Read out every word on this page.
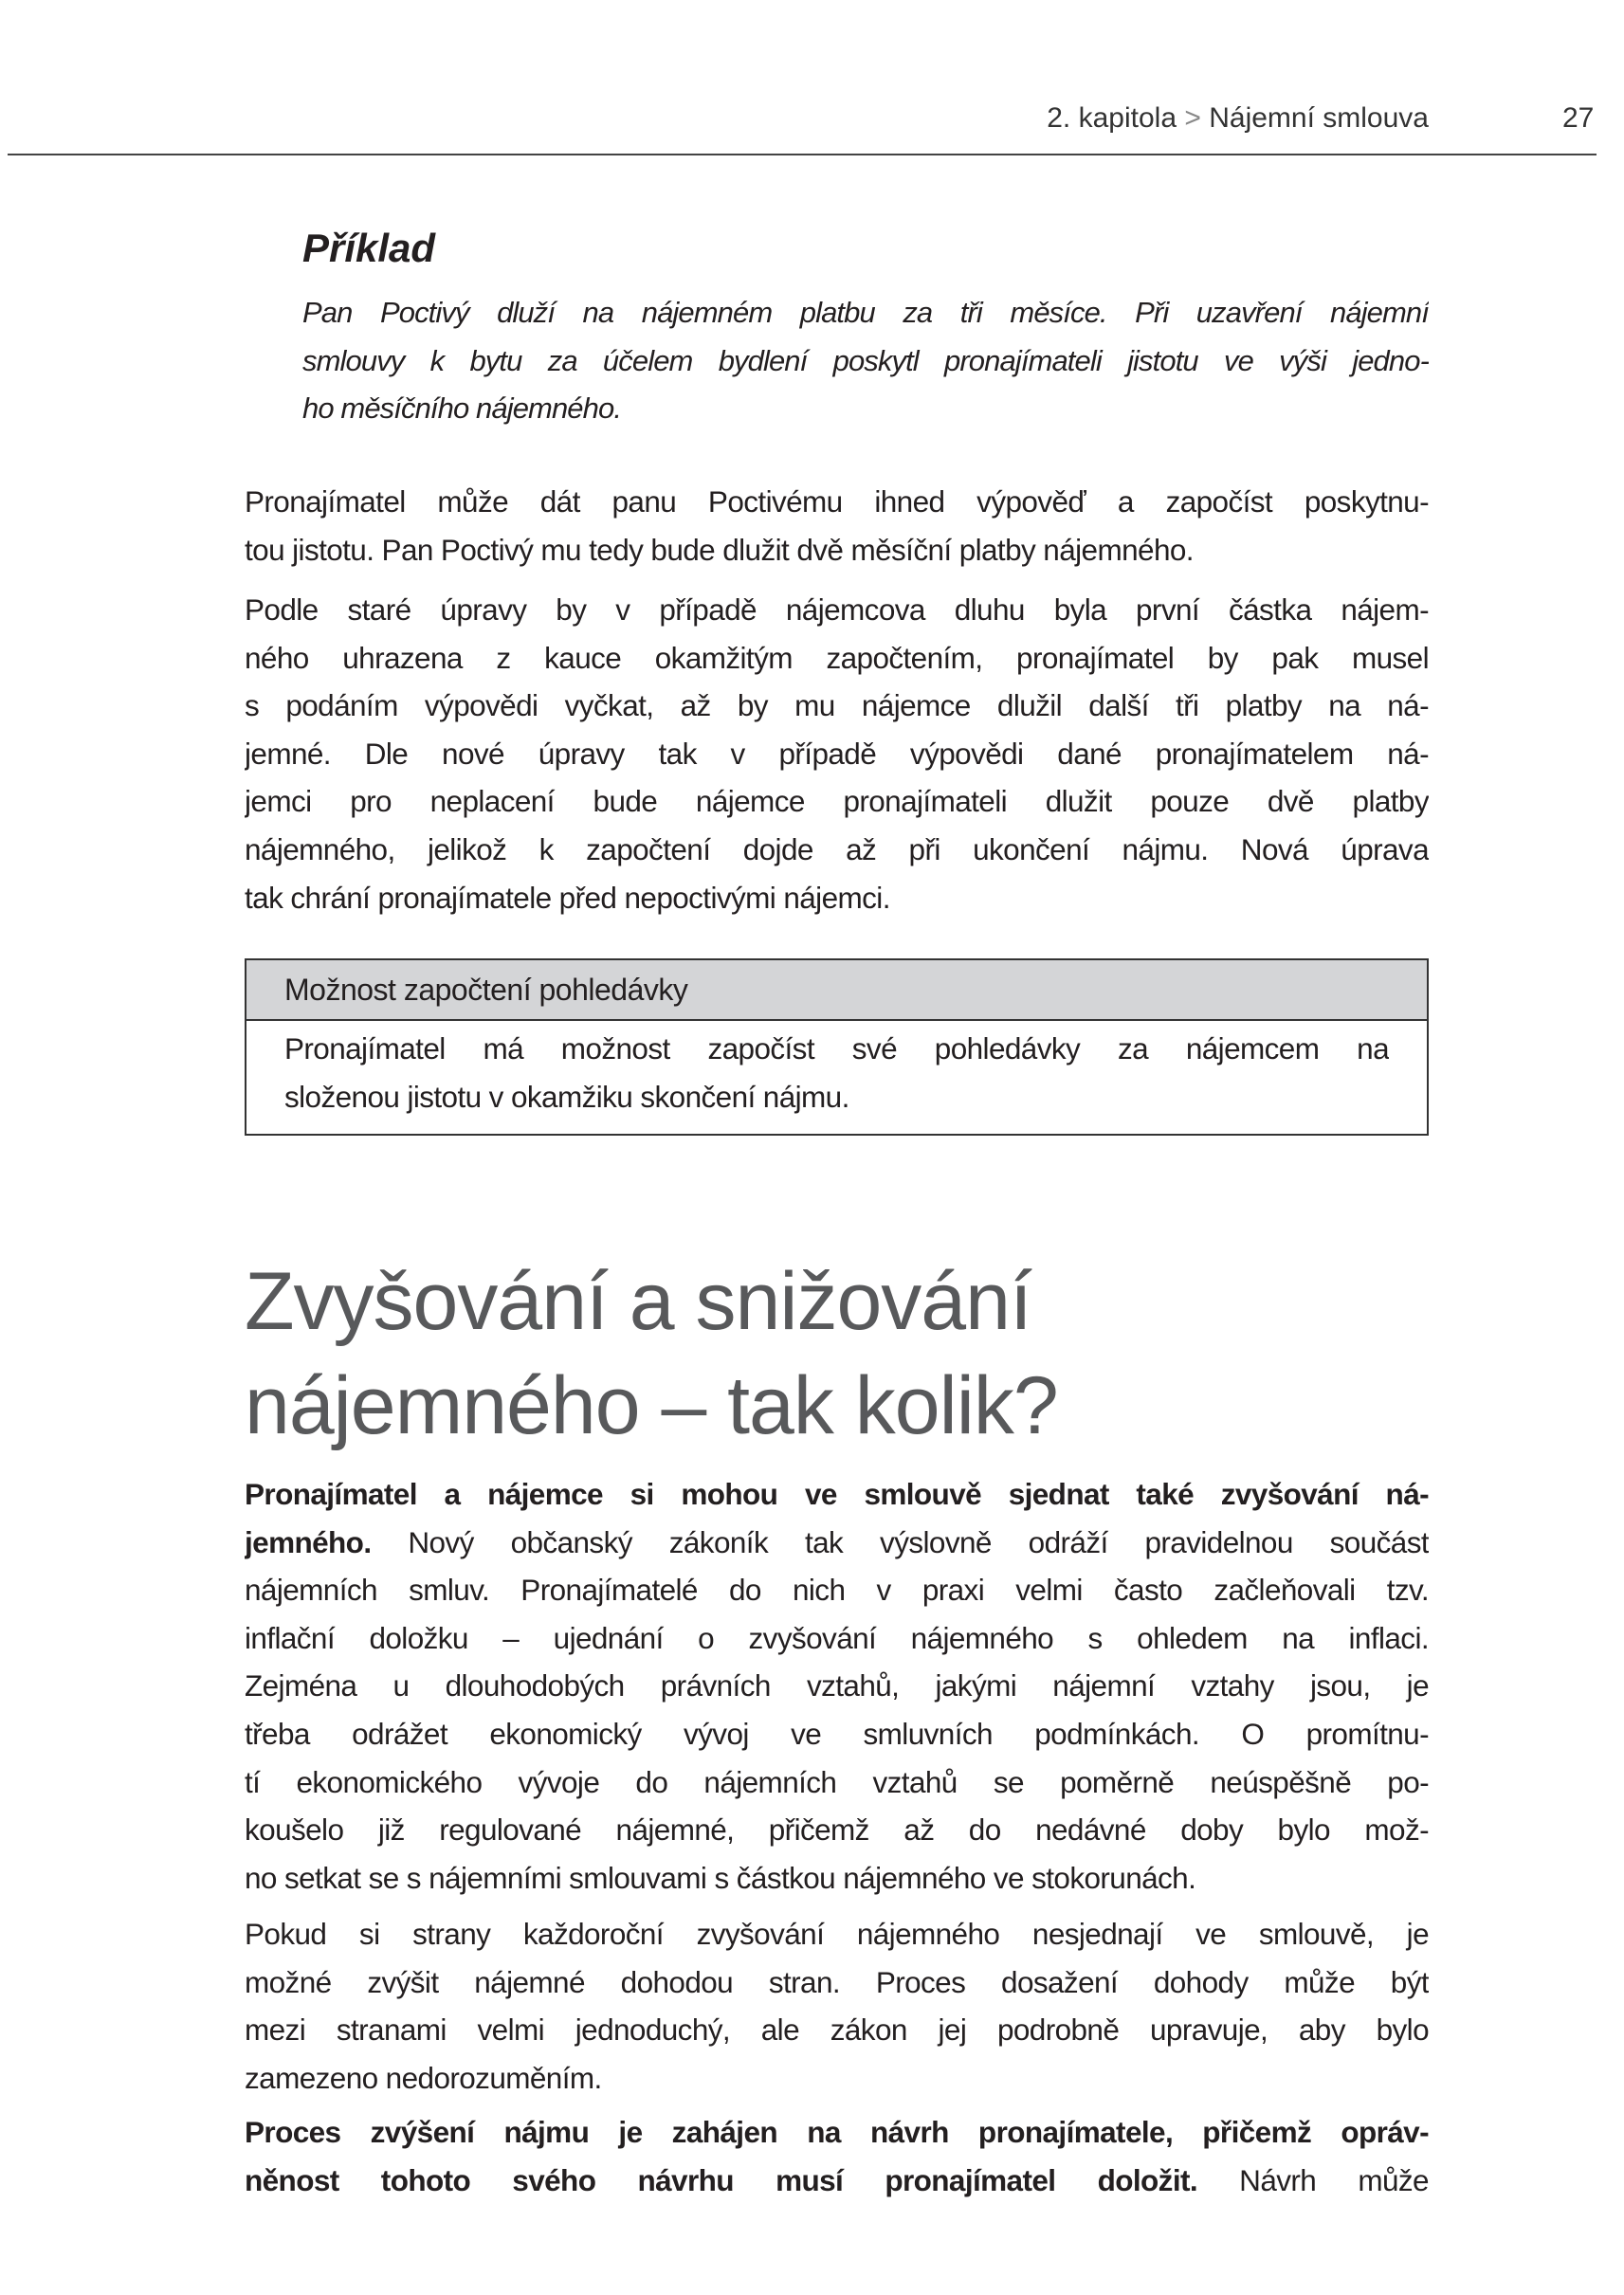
2. kapitola > Nájemní smlouva	27
Příklad
Pan Poctivý dluží na nájemném platbu za tři měsíce. Při uzavření nájemní
smlouvy k bytu za účelem bydlení poskytl pronajímateli jistotu ve výši jedno-
ho měsíčního nájemného.
Pronajímatel může dát panu Poctivému ihned výpověď a započíst poskytnu-
tou jistotu. Pan Poctivý mu tedy bude dlužit dvě měsíční platby nájemného.
Podle staré úpravy by v případě nájemcova dluhu byla první částka nájem-
ného uhrazena z kauce okamžitým započtením, pronajímatel by pak musel
s podáním výpovědi vyčkat, až by mu nájemce dlužil další tři platby na ná-
jemné. Dle nové úpravy tak v případě výpovědi dané pronajímatelem ná-
jemci pro neplacení bude nájemce pronajímateli dlužit pouze dvě platby
nájemného, jelikož k započtení dojde až při ukončení nájmu. Nová úprava
tak chrání pronajímatele před nepoctivými nájemci.
Možnost započtení pohledávky
Pronajímatel má možnost započíst své pohledávky za nájemcem na
složenou jistotu v okamžiku skončení nájmu.
Zvyšování a snižování
nájemného – tak kolik?
Pronajímatel a nájemce si mohou ve smlouvě sjednat také zvyšování ná-
jemného. Nový občanský zákoník tak výslovně odráží pravidelnou součást
nájemních smluv. Pronajímatelé do nich v praxi velmi často začleňovali tzv.
inflační doložku – ujednání o zvyšování nájemného s ohledem na inflaci.
Zejména u dlouhodobých právních vztahů, jakými nájemní vztahy jsou, je
třeba odrážet ekonomický vývoj ve smluvních podmínkách. O promítnu-
tí ekonomického vývoje do nájemních vztahů se poměrně neúspěšně po-
koušelo již regulované nájemné, přičemž až do nedávné doby bylo mož-
no setkat se s nájemními smlouvami s částkou nájemného ve stokorunách.
Pokud si strany každoroční zvyšování nájemného nesjednají ve smlouvě, je
možné zvýšit nájemné dohodou stran. Proces dosažení dohody může být
mezi stranami velmi jednoduchý, ale zákon jej podrobně upravuje, aby bylo
zamezeno nedorozuměním.
Proces zvýšení nájmu je zahájen na návrh pronajímatele, přičemž opráv-
něnost tohoto svého návrhu musí pronajímatel doložit. Návrh může
